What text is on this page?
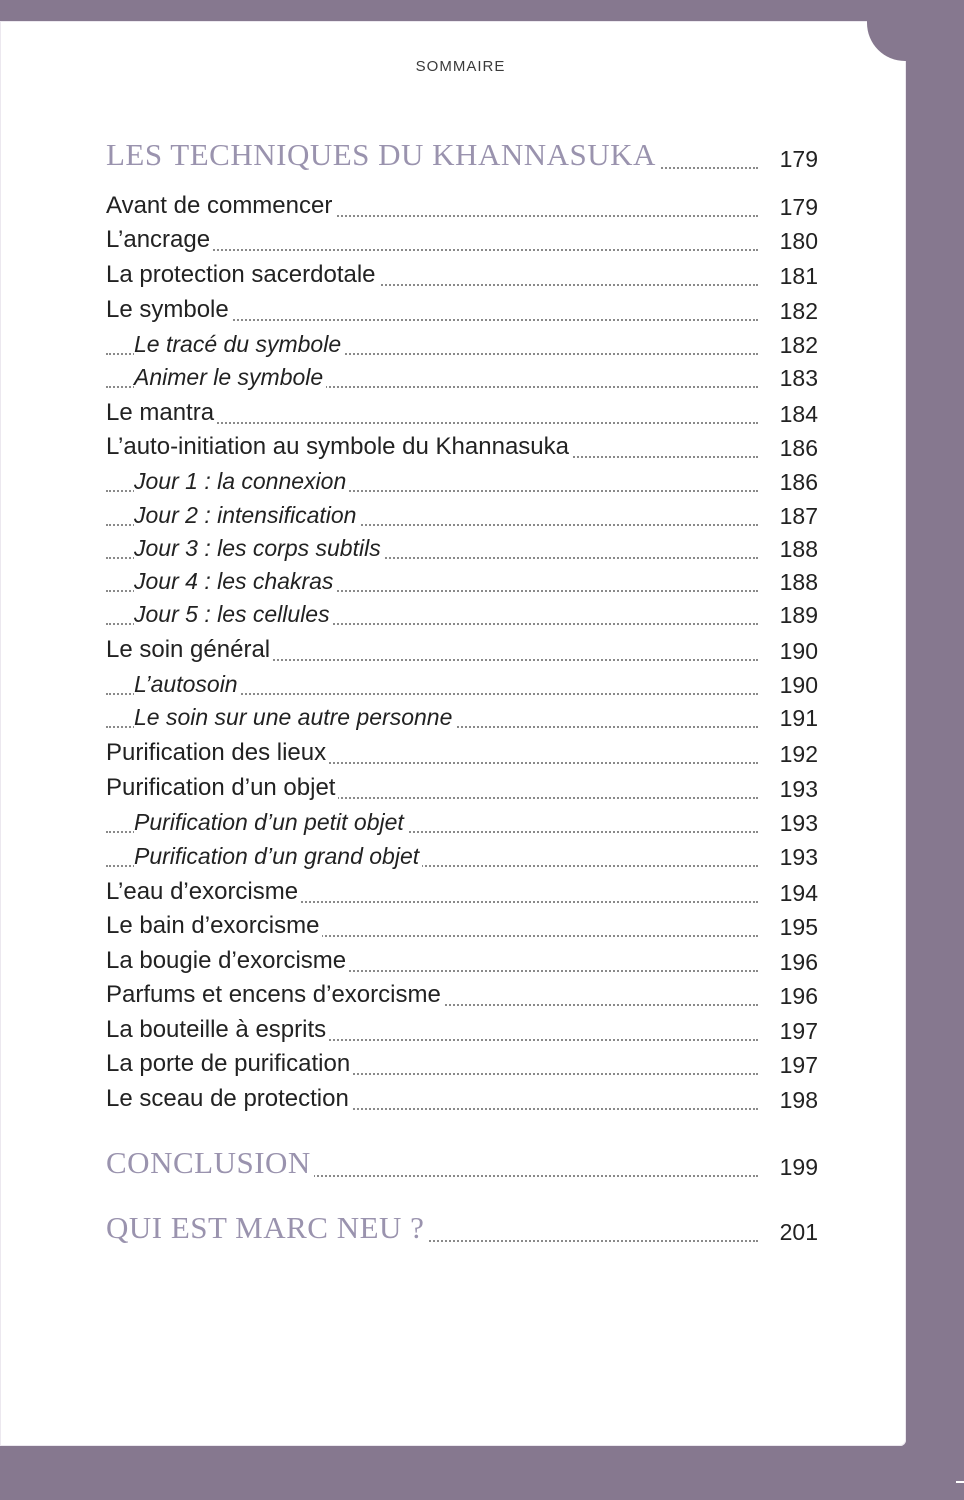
SOMMAIRE
LES TECHNIQUES DU KHANNASUKA	179
Avant de commencer	179
L’ancrage	180
La protection sacerdotale	181
Le symbole	182
Le tracé du symbole	182
Animer le symbole	183
Le mantra	184
L’auto-initiation au symbole du Khannasuka	186
Jour 1 : la connexion	186
Jour 2 : intensification	187
Jour 3 : les corps subtils	188
Jour 4 : les chakras	188
Jour 5 : les cellules	189
Le soin général	190
L’autosoin	190
Le soin sur une autre personne	191
Purification des lieux	192
Purification d’un objet	193
Purification d’un petit objet	193
Purification d’un grand objet	193
L’eau d’exorcisme	194
Le bain d’exorcisme	195
La bougie d’exorcisme	196
Parfums et encens d’exorcisme	196
La bouteille à esprits	197
La porte de purification	197
Le sceau de protection	198
CONCLUSION	199
QUI EST MARC NEU ?	201
